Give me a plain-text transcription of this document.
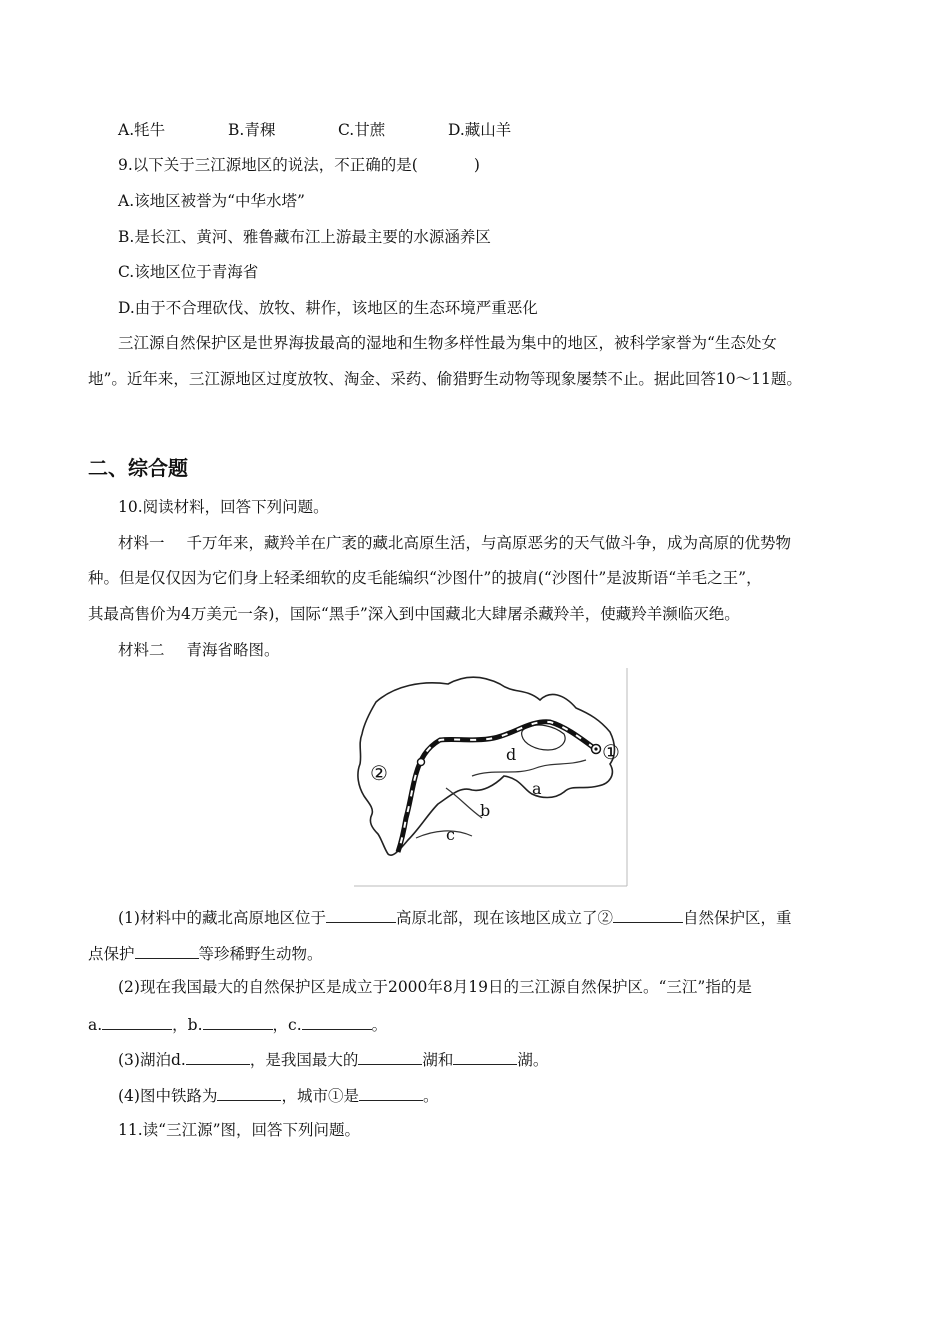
A.牦牛	B.青稞	C.甘蔗	D.藏山羊
9.以下关于三江源地区的说法，不正确的是(	)
A.该地区被誉为“中华水塔”
B.是长江、黄河、雅鲁藏布江上游最主要的水源涵养区
C.该地区位于青海省
D.由于不合理砍伐、放牧、耕作，该地区的生态环境严重恶化
三江源自然保护区是世界海拔最高的湿地和生物多样性最为集中的地区，被科学家誉为“生态处女
地”。近年来，三江源地区过度放牧、淘金、采药、偷猎野生动物等现象屡禁不止。据此回答10～11题。
二、综合题
10.阅读材料，回答下列问题。
材料一 千万年来，藏羚羊在广袤的藏北高原生活，与高原恶劣的天气做斗争，成为高原的优势物
种。但是仅仅因为它们身上轻柔细软的皮毛能编织“沙图什”的披肩(“沙图什”是波斯语“羊毛之王”，
其最高售价为4万美元一条)，国际“黑手”深入到中国藏北大肆屠杀藏羚羊，使藏羚羊濒临灭绝。
材料二 青海省略图。
①
②
d
a
b
c
(1)材料中的藏北高原地区位于	高原北部，现在该地区成立了②	自然保护区，重
点保护	等珍稀野生动物。
(2)现在我国最大的自然保护区是成立于2000年8月19日的三江源自然保护区。“三江”指的是
a.	，b.	，c.	。
(3)湖泊d.	，是我国最大的	湖和	湖。
(4)图中铁路为	，城市①是	。
11.读“三江源”图，回答下列问题。
